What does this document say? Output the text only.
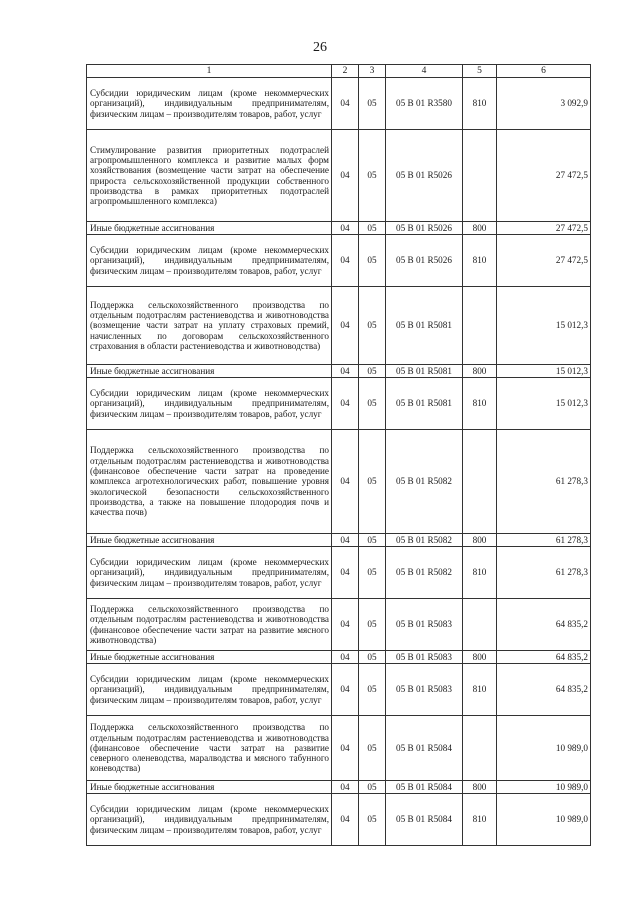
26
1	2	3	4	5	6
Субсидии юридическим лицам (кроме некоммерческих организаций), индивидуальным предпринимателям, физическим лицам – производителям товаров, работ, услуг	04	05	05 В 01 R3580	810	3 092,9
Стимулирование развития приоритетных подотраслей агропромышленного комплекса и развитие малых форм хозяйствования (возмещение части затрат на обеспечение прироста сельскохозяйственной продукции собственного производства в рамках приоритетных подотраслей агропромышленного комплекса)	04	05	05 В 01 R5026		27 472,5
Иные бюджетные ассигнования	04	05	05 В 01 R5026	800	27 472,5
Субсидии юридическим лицам (кроме некоммерческих организаций), индивидуальным предпринимателям, физическим лицам – производителям товаров, работ, услуг	04	05	05 В 01 R5026	810	27 472,5
Поддержка сельскохозяйственного производства по отдельным подотраслям растениеводства и животноводства (возмещение части затрат на уплату страховых премий, начисленных по договорам сельскохозяйственного страхования в области растениеводства и животноводства)	04	05	05 В 01 R5081		15 012,3
Иные бюджетные ассигнования	04	05	05 В 01 R5081	800	15 012,3
Субсидии юридическим лицам (кроме некоммерческих организаций), индивидуальным предпринимателям, физическим лицам – производителям товаров, работ, услуг	04	05	05 В 01 R5081	810	15 012,3
Поддержка сельскохозяйственного производства по отдельным подотраслям растениеводства и животноводства (финансовое обеспечение части затрат на проведение комплекса агротехнологических работ, повышение уровня экологической безопасности сельскохозяйственного производства, а также на повышение плодородия почв и качества почв)	04	05	05 В 01 R5082		61 278,3
Иные бюджетные ассигнования	04	05	05 В 01 R5082	800	61 278,3
Субсидии юридическим лицам (кроме некоммерческих организаций), индивидуальным предпринимателям, физическим лицам – производителям товаров, работ, услуг	04	05	05 В 01 R5082	810	61 278,3
Поддержка сельскохозяйственного производства по отдельным подотраслям растениеводства и животноводства (финансовое обеспечение части затрат на развитие мясного животноводства)	04	05	05 В 01 R5083		64 835,2
Иные бюджетные ассигнования	04	05	05 В 01 R5083	800	64 835,2
Субсидии юридическим лицам (кроме некоммерческих организаций), индивидуальным предпринимателям, физическим лицам – производителям товаров, работ, услуг	04	05	05 В 01 R5083	810	64 835,2
Поддержка сельскохозяйственного производства по отдельным подотраслям растениеводства и животноводства (финансовое обеспечение части затрат на развитие северного оленеводства, маралводства и мясного табунного коневодства)	04	05	05 В 01 R5084		10 989,0
Иные бюджетные ассигнования	04	05	05 В 01 R5084	800	10 989,0
Субсидии юридическим лицам (кроме некоммерческих организаций), индивидуальным предпринимателям, физическим лицам – производителям товаров, работ, услуг	04	05	05 В 01 R5084	810	10 989,0
